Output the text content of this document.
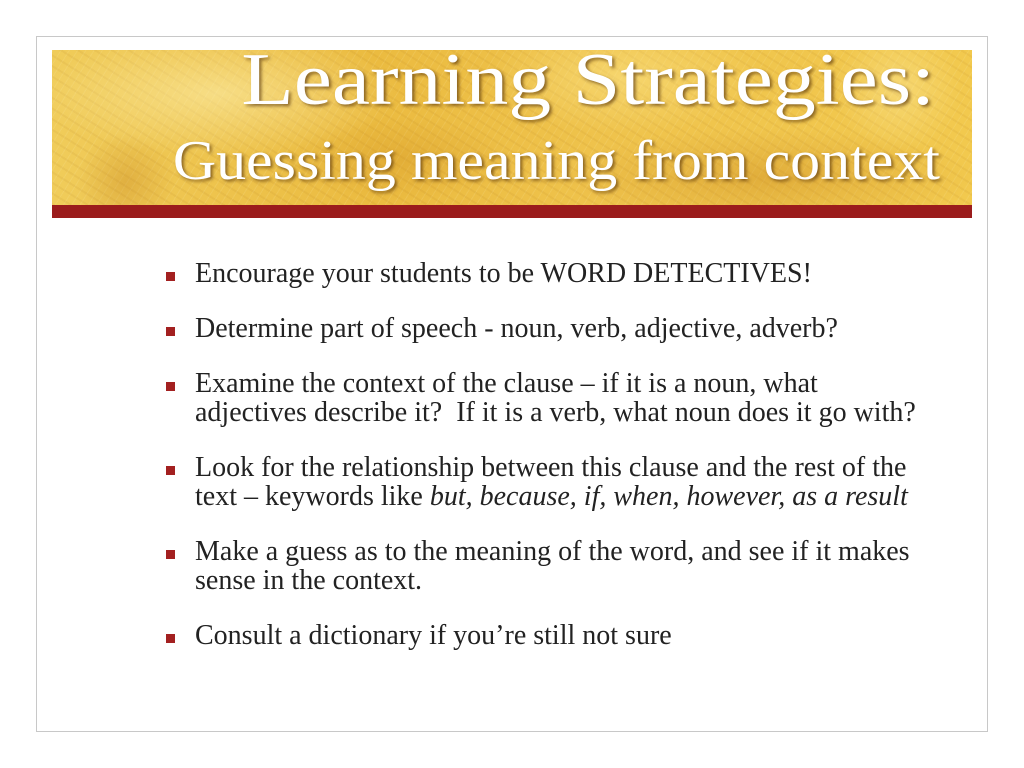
Learning Strategies:
Guessing meaning from context
Encourage your students to be WORD DETECTIVES!
Determine part of speech - noun, verb, adjective, adverb?
Examine the context of the clause – if it is a noun, what
adjectives describe it?  If it is a verb, what noun does it go with?
Look for the relationship between this clause and the rest of the
text – keywords like but, because, if, when, however, as a result
Make a guess as to the meaning of the word, and see if it makes
sense in the context.
Consult a dictionary if you’re still not sure
